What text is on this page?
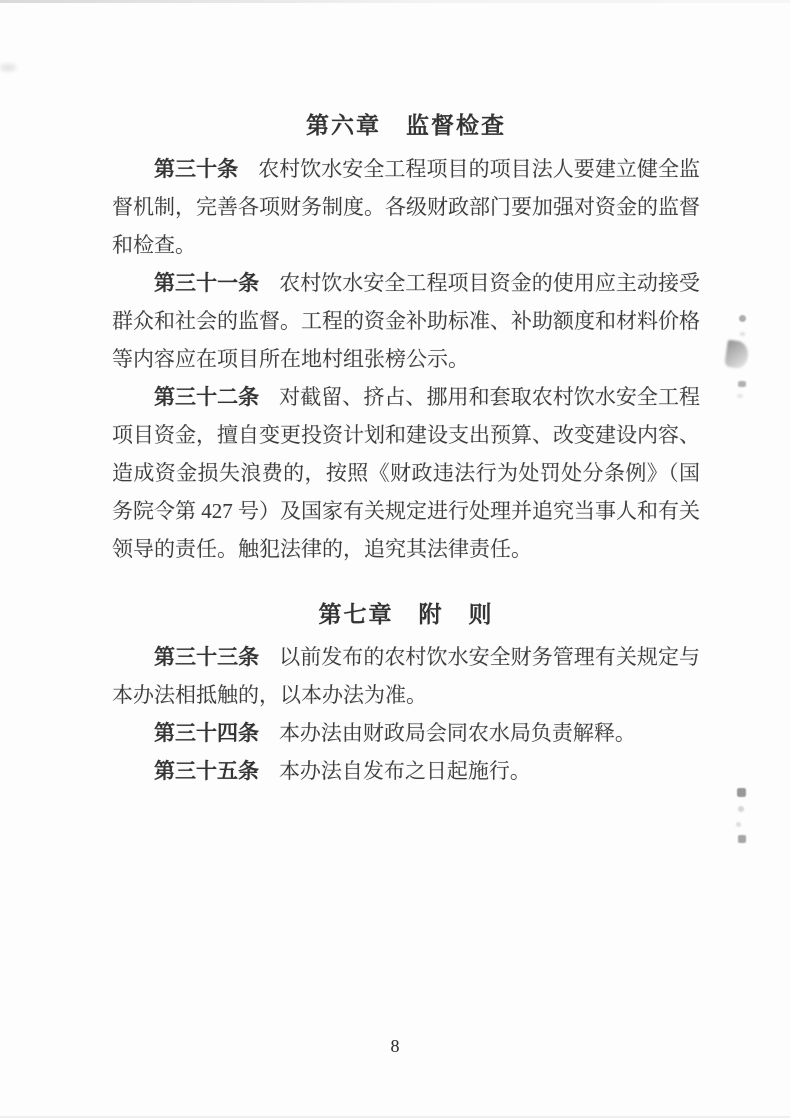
第六章　监督检查

第三十条 农村饮水安全工程项目的项目法人要建立健全监督机制，完善各项财务制度。各级财政部门要加强对资金的监督和检查。

第三十一条 农村饮水安全工程项目资金的使用应主动接受群众和社会的监督。工程的资金补助标准、补助额度和材料价格等内容应在项目所在地村组张榜公示。

第三十二条 对截留、挤占、挪用和套取农村饮水安全工程项目资金，擅自变更投资计划和建设支出预算、改变建设内容、造成资金损失浪费的，按照《财政违法行为处罚处分条例》（国务院令第 427 号）及国家有关规定进行处理并追究当事人和有关领导的责任。触犯法律的，追究其法律责任。

第七章　附　则

第三十三条 以前发布的农村饮水安全财务管理有关规定与本办法相抵触的，以本办法为准。

第三十四条 本办法由财政局会同农水局负责解释。

第三十五条 本办法自发布之日起施行。

8
